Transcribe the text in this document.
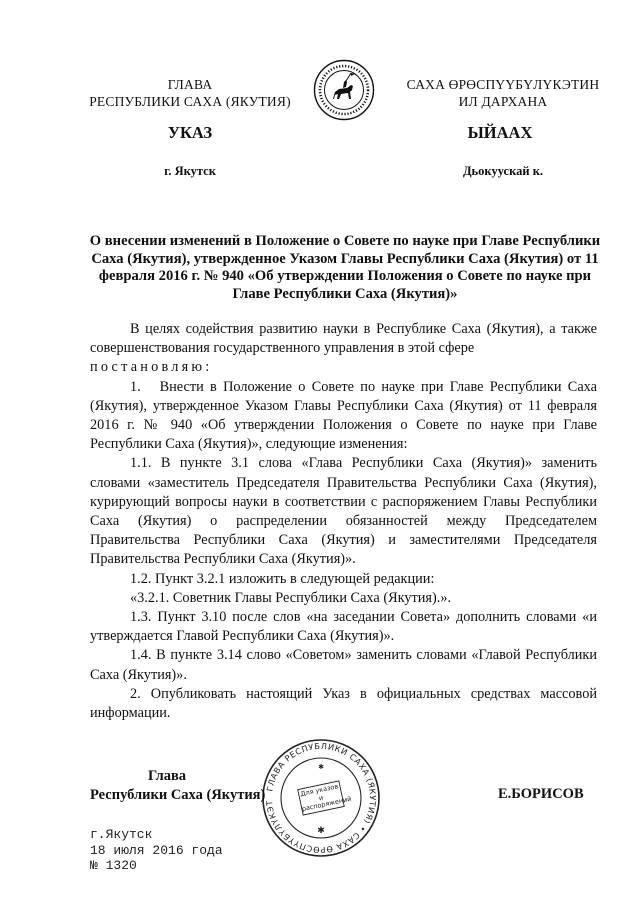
ГЛАВА
РЕСПУБЛИКИ САХА (ЯКУТИЯ)
САХА ӨРӨСПҮҮБҮЛҮКЭТИН
ИЛ ДАРХАНА
УКАЗ	ЫЙААХ
г. Якутск	Дьокуускай к.
О внесении изменений в Положение о Совете по науке при Главе Республики Саха (Якутия), утвержденное Указом Главы Республики Саха (Якутия) от 11 февраля 2016 г. № 940 «Об утверждении Положения о Совете по науке при Главе Республики Саха (Якутия)»

В целях содействия развитию науки в Республике Саха (Якутия), а также совершенствования государственного управления в этой сфере

постановляю:

1.   Внести в Положение о Совете по науке при Главе Республики Саха (Якутия), утвержденное Указом Главы Республики Саха (Якутия) от 11 февраля 2016 г. № 940 «Об утверждении Положения о Совете по науке при Главе Республики Саха (Якутия)», следующие изменения:

1.1. В пункте 3.1 слова «Глава Республики Саха (Якутия)» заменить словами «заместитель Председателя Правительства Республики Саха (Якутия), курирующий вопросы науки в соответствии с распоряжением Главы Республики Саха (Якутия) о распределении обязанностей между Председателем Правительства Республики Саха (Якутия) и заместителями Председателя Правительства Республики Саха (Якутия)».

1.2. Пункт 3.2.1 изложить в следующей редакции:

«3.2.1. Советник Главы Республики Саха (Якутия).».

1.3. Пункт 3.10 после слов «на заседании Совета» дополнить словами «и утверждается Главой Республики Саха (Якутия)».

1.4. В пункте 3.14 слово «Советом» заменить словами «Главой Республики Саха (Якутия)».

2. Опубликовать настоящий Указ в официальных средствах массовой информации.

ГЛАВА РЕСПУБЛИКИ САХА (ЯКУТИЯ) • САХА ӨРӨСПҮҮБҮЛҮКЭТ
Для указов и распоряжений
✱
✱
Глава
Республики Саха (Якутия)	Е.БОРИСОВ
г.Якутск
18 июля 2016 года
№ 1320
